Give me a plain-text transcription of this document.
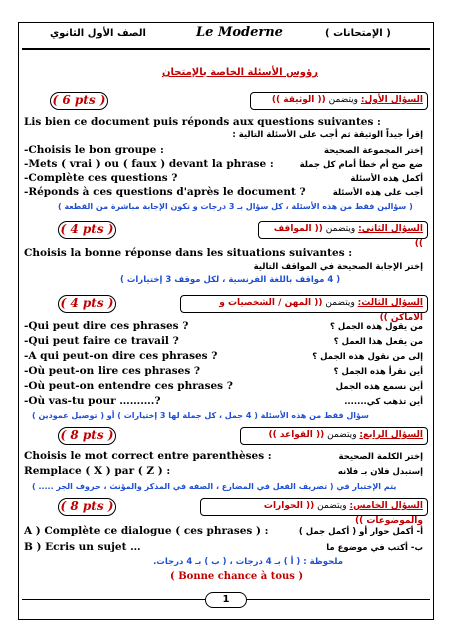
الصف الأول الثانوي	Le Moderne	( الإمتحانات )
رؤوس الأسئلة الخاصة بالإمتحان
( 6 pts )	السؤال الأول: ويتضمن (( الوثيقة ))
Lis bien ce document puis réponds aux questions suivantes :
إقرأ جيداً الوثيقة ثم أجب على الأسئلة التالية :
-Choisis le bon groupe :	إختر المجموعة الصحيحة
-Mets ( vrai ) ou ( faux ) devant la phrase :	ضع صح أم خطأ أمام كل جملة
-Complète ces questions ?	أكمل هذه الأسئلة
-Réponds à ces questions d'après le document ?	أجب على هذه الأسئلة
( سؤالين فقط من هذه الأسئلة ، كل سؤال بـ 3 درجات و تكون الإجابة مباشرة من القطعة )
( 4 pts )	السؤال الثاني: ويتضمن (( المواقف ))
Choisis la bonne réponse dans les situations suivantes :
إختر الإجابة الصحيحة في المواقف التالية
( 4 مواقف باللغة الفرنسية ، لكل موقف 3 إختيارات )
( 4 pts )	السؤال الثالث: ويتضمن (( المهن / الشخصيات و الاماكن ))
-Qui peut dire ces phrases ?	من يقول هذه الجمل ؟
-Qui peut faire ce travail ?	من يفعل هذا العمل ؟
-A qui peut-on dire ces phrases ?	إلى من نقول هذه الجمل ؟
-Où peut-on lire ces phrases ?	أين نقرأ هذه الجمل ؟
-Où peut-on entendre ces phrases ?	أين نسمع هذه الجمل
-Où vas-tu pour ……….?	أين تذهب كي.......
سؤال فقط من هذه الأسئلة ( 4 جمل ، كل جملة لها 3 إختيارات ) أو ( توصيل عمودين )
( 8 pts )	السؤال الرابع: ويتضمن (( القواعد ))
Choisis le mot correct entre parenthèses :	إختر الكلمة الصحيحة
Remplace ( X ) par ( Z ) :	إستبدل فلان بـ فلانه
يتم الإختبار في ( تصريف الفعل في المضارع ، الصفه في المذكر والمؤنث ، حروف الجر ..... )
( 8 pts )	السؤال الخامس: ويتضمن (( الحوارات والموضوعات ))
A ) Complète ce dialogue ( ces phrases ) :	أ- أكمل حوار أو ( أكمل جمل )
B ) Ecris un sujet …	ب- أكتب في موضوع ما
ملحوظة : ( أ ) بـ 4 درجات ، ( ب ) بـ 4 درجات.
( Bonne chance à tous )
1
